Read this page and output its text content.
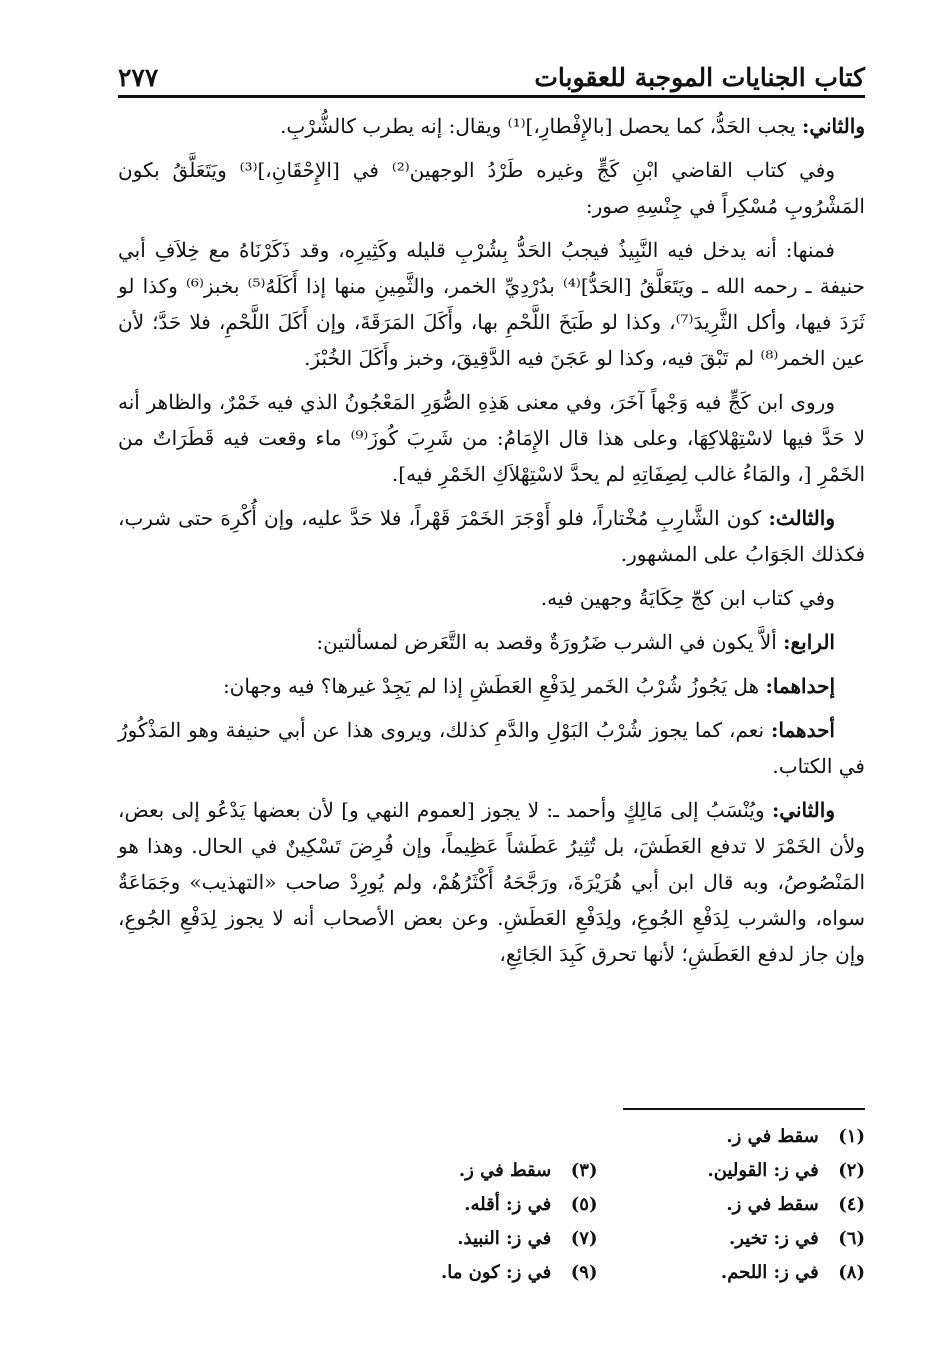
كتاب الجنايات الموجبة للعقوبات
٢٧٧

والثاني: يجب الحَدُّ، كما يحصل [بالإِفْطارِ،]⁽¹⁾ ويقال: إنه يطرب كالشُّرْبِ.

وفي كتاب القاضي ابْنِ كَجٍّ وغيره طَرْدُ الوجهين⁽²⁾ في [الإِحْقَانِ،]⁽³⁾ ويَتَعَلَّقُ بكون المَشْرُوبِ مُسْكِراً في جِنْسِهِ صور:

فمنها: أنه يدخل فيه النَّبِيذُ فيجبُ الحَدُّ بِشُرْبِ قليله وكَثِيرِه، وقد ذَكَرْنَاهُ مع خِلاَفِ أبي حنيفة ـ رحمه الله ـ ويَتَعَلَّقُ [الحَدُّ]⁽⁴⁾ بدُرْدِيِّ الخمر، والثَّمِينِ منها إذا أَكَلَهُ⁽⁵⁾ بخبز⁽⁶⁾ وكذا لو ثَرَدَ فيها، وأكل الثَّرِيدَ⁽⁷⁾، وكذا لو طَبَخَ اللَّحْمِ بها، وأَكَلَ المَرَقَةَ، وإن أَكَلَ اللَّحْمِ، فلا حَدَّ؛ لأن عين الخمر⁽⁸⁾ لم تَبْقَ فيه، وكذا لو عَجَنَ فيه الدَّقِيقَ، وخبز وأَكَلَ الخُبْزَ.

وروى ابن كَجٍّ فيه وَجْهاً آخَرَ، وفي معنى هَذِهِ الصُّوَرِ المَعْجُونُ الذي فيه خَمْرٌ، والظاهر أنه لا حَدَّ فيها لاسْتِهْلاكِهَا، وعلى هذا قال الإِمَامُ: من شَرِبَ كُوزَ⁽⁹⁾ ماء وقعت فيه قَطَرَاتٌ من الخَمْرِ [، والمَاءُ غالب لِصِفَاتِهِ لم يحدَّ لاسْتِهْلاَكِ الخَمْرِ فيه].

والثالث: كون الشَّارِبِ مُخْتاراً، فلو أَوْجَرَ الخَمْرَ قَهْراً، فلا حَدَّ عليه، وإن أُكْرِهَ حتى شرب، فكذلك الجَوَابُ على المشهور.

وفي كتاب ابن كجّ حِكَايَةُ وجهين فيه.

الرابع: ألاَّ يكون في الشرب ضَرُورَةٌ وقصد به التَّعَرض لمسألتين:

إحداهما: هل يَجُوزُ شُرْبُ الخَمر لِدَفْعِ العَطَشِ إذا لم يَجِدْ غيرها؟ فيه وجهان:

أحدهما: نعم، كما يجوز شُرْبُ البَوْلِ والدَّمِ كذلك، ويروى هذا عن أبي حنيفة وهو المَذْكُورُ في الكتاب.

والثاني: ويُنْسَبُ إلى مَالِكٍ وأحمد ـ: لا يجوز [لعموم النهي و] لأن بعضها يَدْعُو إلى بعض، ولأن الخَمْرَ لا تدفع العَطَشَ، بل تُثِيرُ عَطَشاً عَظِيماً، وإن فُرِضَ تَسْكِينٌ في الحال. وهذا هو المَنْصُوصُ، وبه قال ابن أبي هُرَيْرَةَ، ورَجَّحَهُ أَكْثَرُهُمْ، ولم يُورِدْ صاحب «التهذيب» وجَمَاعَةٌ سواه، والشرب لِدَفْعِ الجُوعِ، ولِدَفْعِ العَطَشِ. وعن بعض الأصحاب أنه لا يجوز لِدَفْعِ الجُوعِ، وإن جاز لدفع العَطَشِ؛ لأنها تحرق كَبِدَ الجَائِعِ،

(١) سقط في ز.
(٢) في ز: القولين.
(٣) سقط في ز.
(٤) سقط في ز.
(٥) في ز: أقله.
(٦) في ز: تخير.
(٧) في ز: النبيذ.
(٨) في ز: اللحم.
(٩) في ز: كون ما.
